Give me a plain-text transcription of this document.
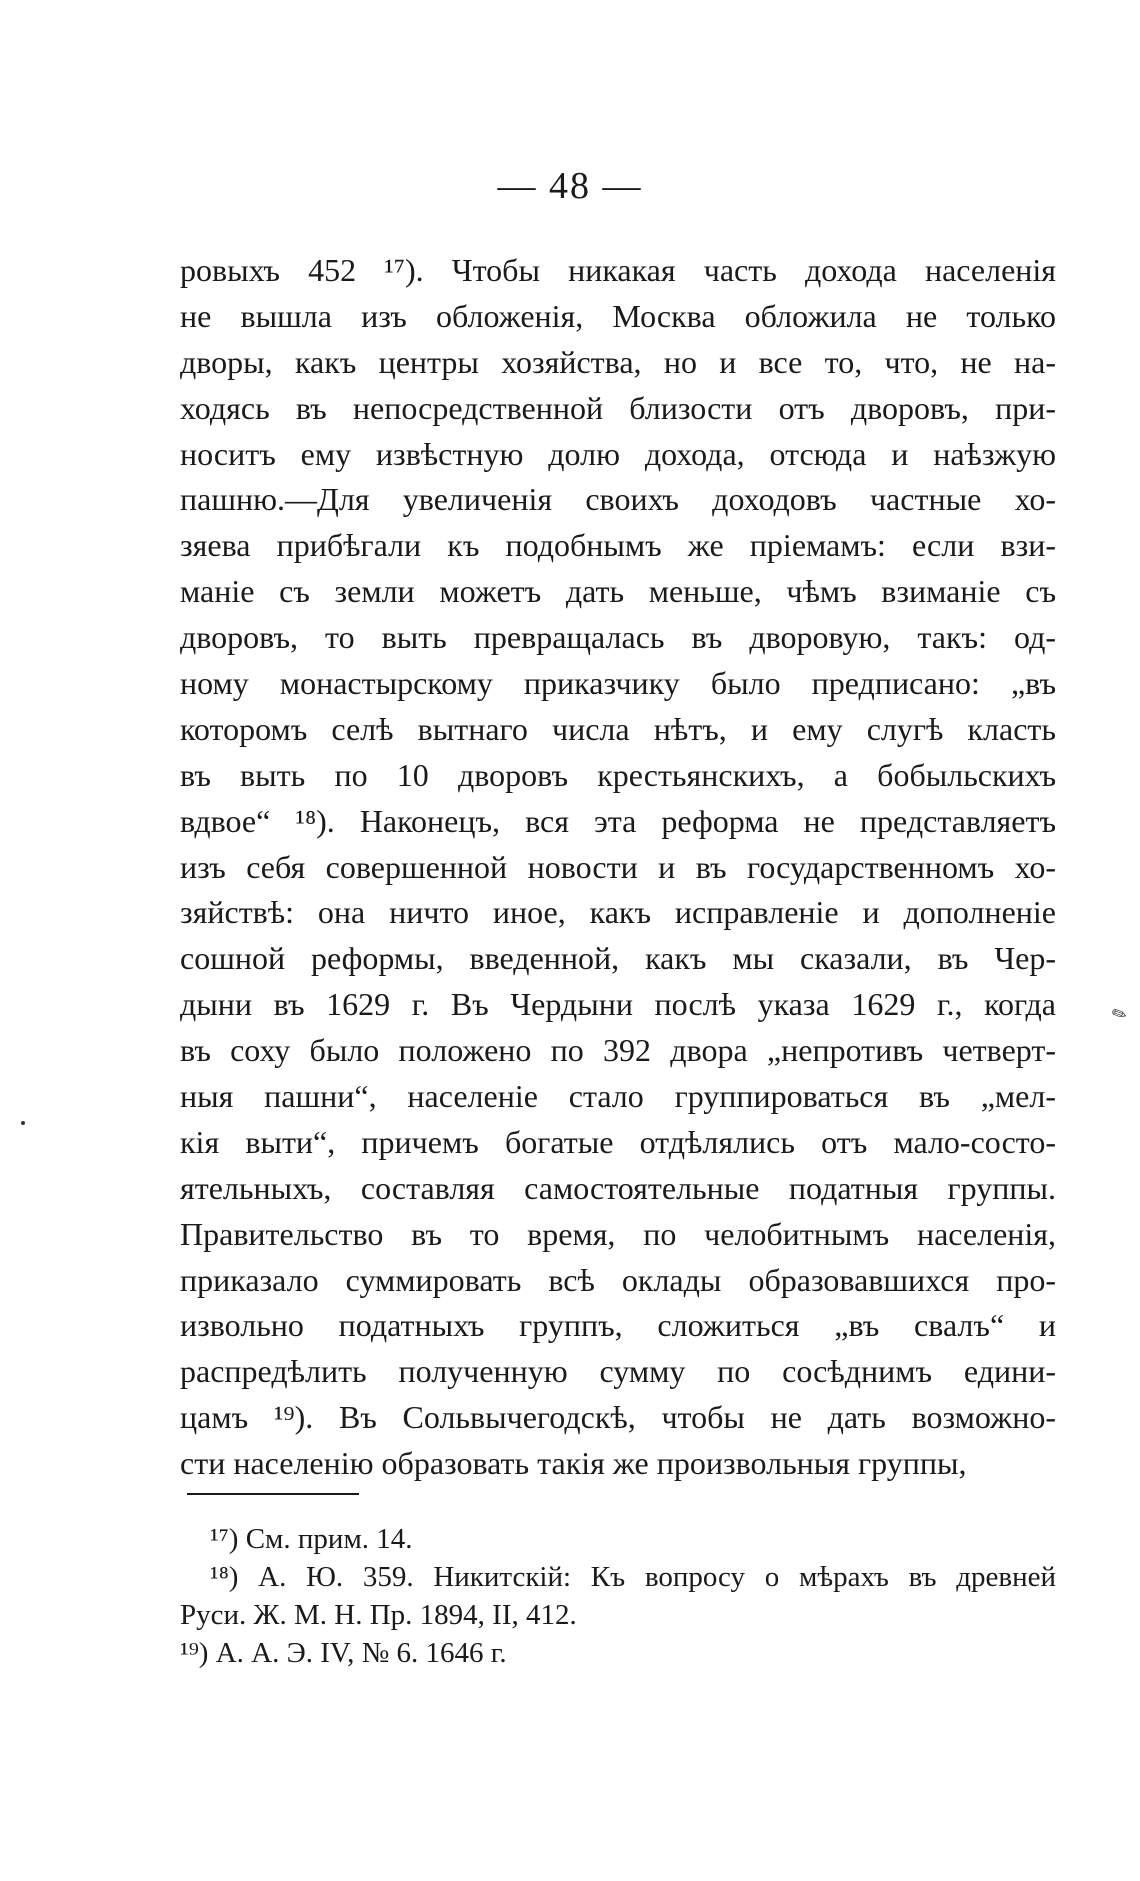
— 48 —
ровыхъ 452 ¹⁷). Чтобы никакая часть дохода населенія
не вышла изъ обложенія, Москва обложила не только
дворы, какъ центры хозяйства, но и все то, что, не на-
ходясь въ непосредственной близости отъ дворовъ, при-
носитъ ему извѣстную долю дохода, отсюда и наѣзжую
пашню.—Для увеличенія своихъ доходовъ частные хо-
зяева прибѣгали къ подобнымъ же пріемамъ: если взи-
маніе съ земли можетъ дать меньше, чѣмъ взиманіе съ
дворовъ, то выть превращалась въ дворовую, такъ: од-
ному монастырскому приказчику было предписано: „въ
которомъ селѣ вытнаго числа нѣтъ, и ему слугѣ класть
въ выть по 10 дворовъ крестьянскихъ, а бобыльскихъ
вдвое“ ¹⁸). Наконецъ, вся эта реформа не представляетъ
изъ себя совершенной новости и въ государственномъ хо-
зяйствѣ: она ничто иное, какъ исправленіе и дополненіе
сошной реформы, введенной, какъ мы сказали, въ Чер-
дыни въ 1629 г. Въ Чердыни послѣ указа 1629 г., когда
въ соху было положено по 392 двора „непротивъ четверт-
ныя пашни“, населеніе стало группироваться въ „мел-
кія выти“, причемъ богатые отдѣлялись отъ мало-состо-
ятельныхъ, составляя самостоятельные податныя группы.
Правительство въ то время, по челобитнымъ населенія,
приказало суммировать всѣ оклады образовавшихся про-
извольно податныхъ группъ, сложиться „въ свалъ“ и
распредѣлить полученную сумму по сосѣднимъ едини-
цамъ ¹⁹). Въ Сольвычегодскѣ, чтобы не дать возможно-
сти населенію образовать такія же произвольныя группы,
¹⁷) См. прим. 14.
¹⁸) А. Ю. 359. Никитскій: Къ вопросу о мѣрахъ въ древней
Руси. Ж. М. Н. Пр. 1894, II, 412.
¹⁹) А. А. Э. IV, № 6. 1646 г.
✎
